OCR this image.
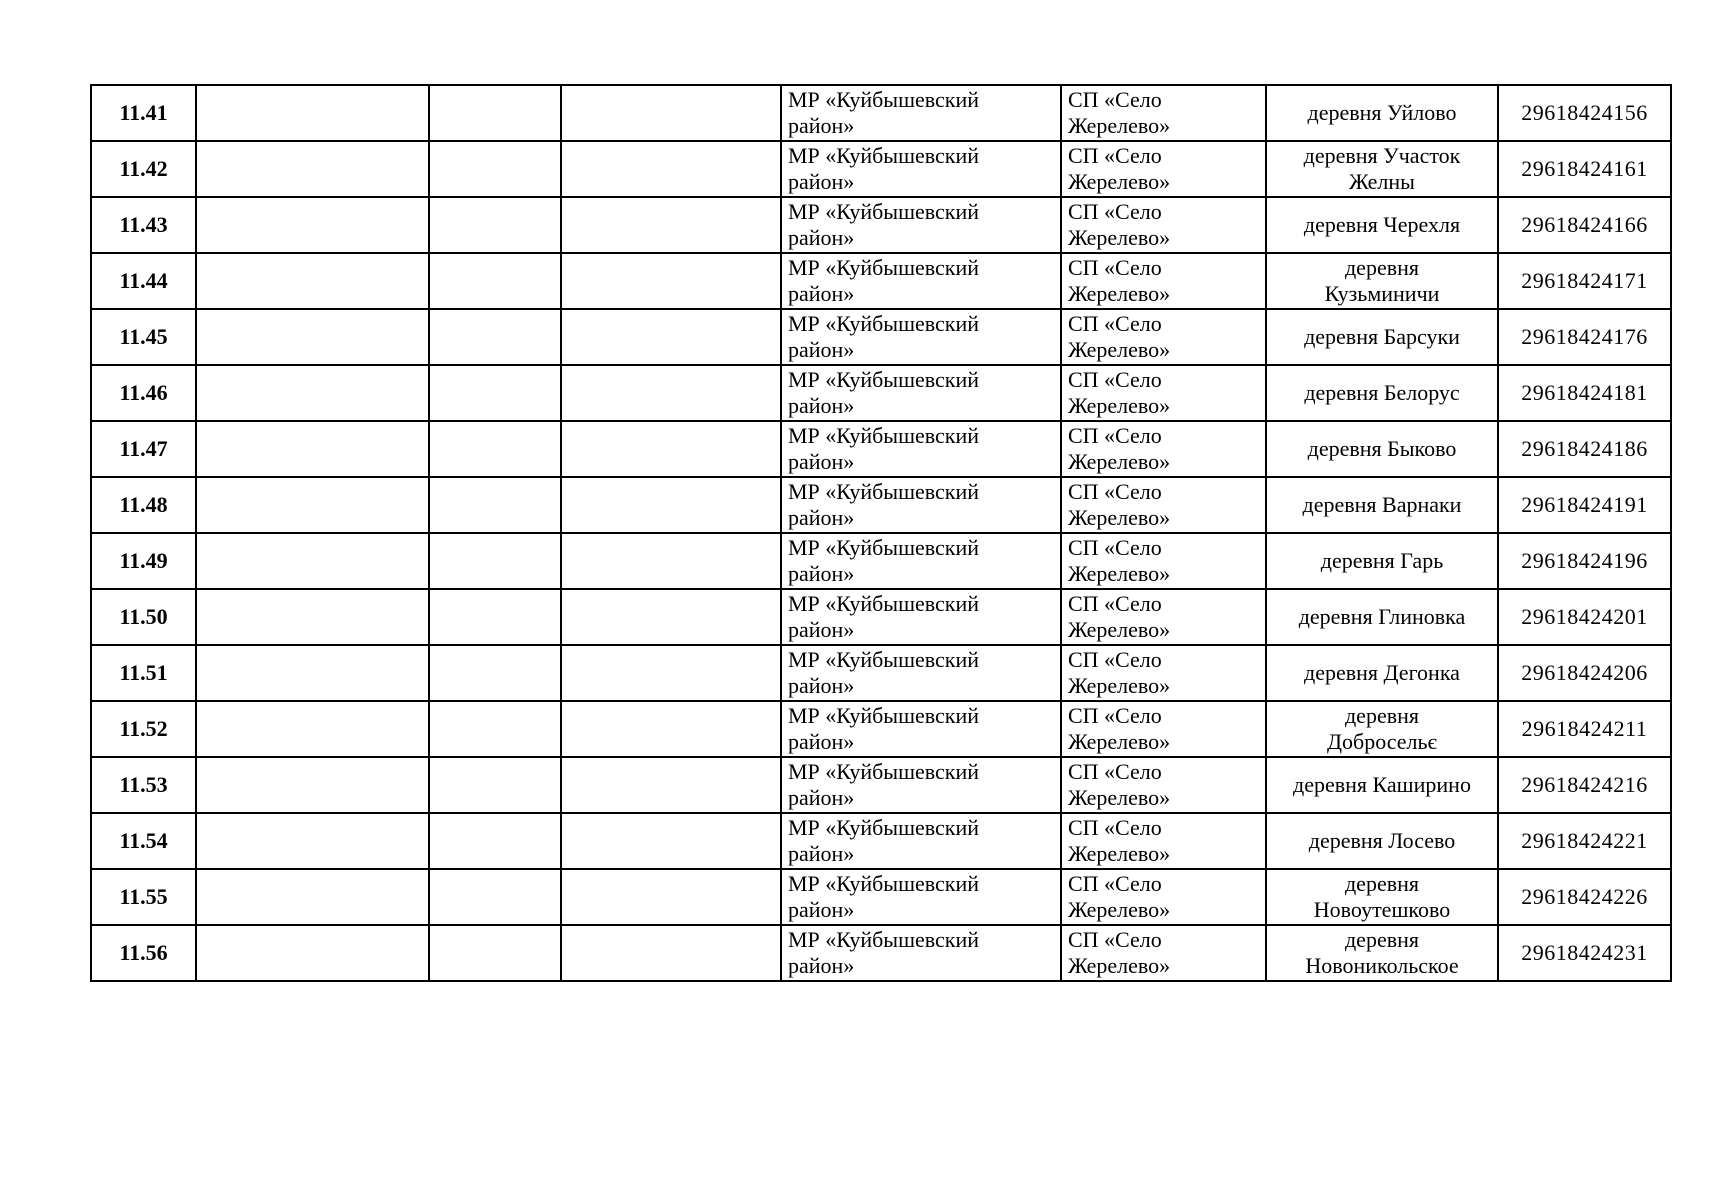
11.41				МР «Куйбышевский
район»	СП «Село
Жерелево»	деревня Уйлово	29618424156
11.42				МР «Куйбышевский
район»	СП «Село
Жерелево»	деревня Участок
Желны	29618424161
11.43				МР «Куйбышевский
район»	СП «Село
Жерелево»	деревня Черехля	29618424166
11.44				МР «Куйбышевский
район»	СП «Село
Жерелево»	деревня
Кузьминичи	29618424171
11.45				МР «Куйбышевский
район»	СП «Село
Жерелево»	деревня Барсуки	29618424176
11.46				МР «Куйбышевский
район»	СП «Село
Жерелево»	деревня Белорус	29618424181
11.47				МР «Куйбышевский
район»	СП «Село
Жерелево»	деревня Быково	29618424186
11.48				МР «Куйбышевский
район»	СП «Село
Жерелево»	деревня Варнаки	29618424191
11.49				МР «Куйбышевский
район»	СП «Село
Жерелево»	деревня Гарь	29618424196
11.50				МР «Куйбышевский
район»	СП «Село
Жерелево»	деревня Глиновка	29618424201
11.51				МР «Куйбышевский
район»	СП «Село
Жерелево»	деревня Дегонка	29618424206
11.52				МР «Куйбышевский
район»	СП «Село
Жерелево»	деревня
Добросельє	29618424211
11.53				МР «Куйбышевский
район»	СП «Село
Жерелево»	деревня Каширино	29618424216
11.54				МР «Куйбышевский
район»	СП «Село
Жерелево»	деревня Лосево	29618424221
11.55				МР «Куйбышевский
район»	СП «Село
Жерелево»	деревня
Новоутешково	29618424226
11.56				МР «Куйбышевский
район»	СП «Село
Жерелево»	деревня
Новоникольское	29618424231
